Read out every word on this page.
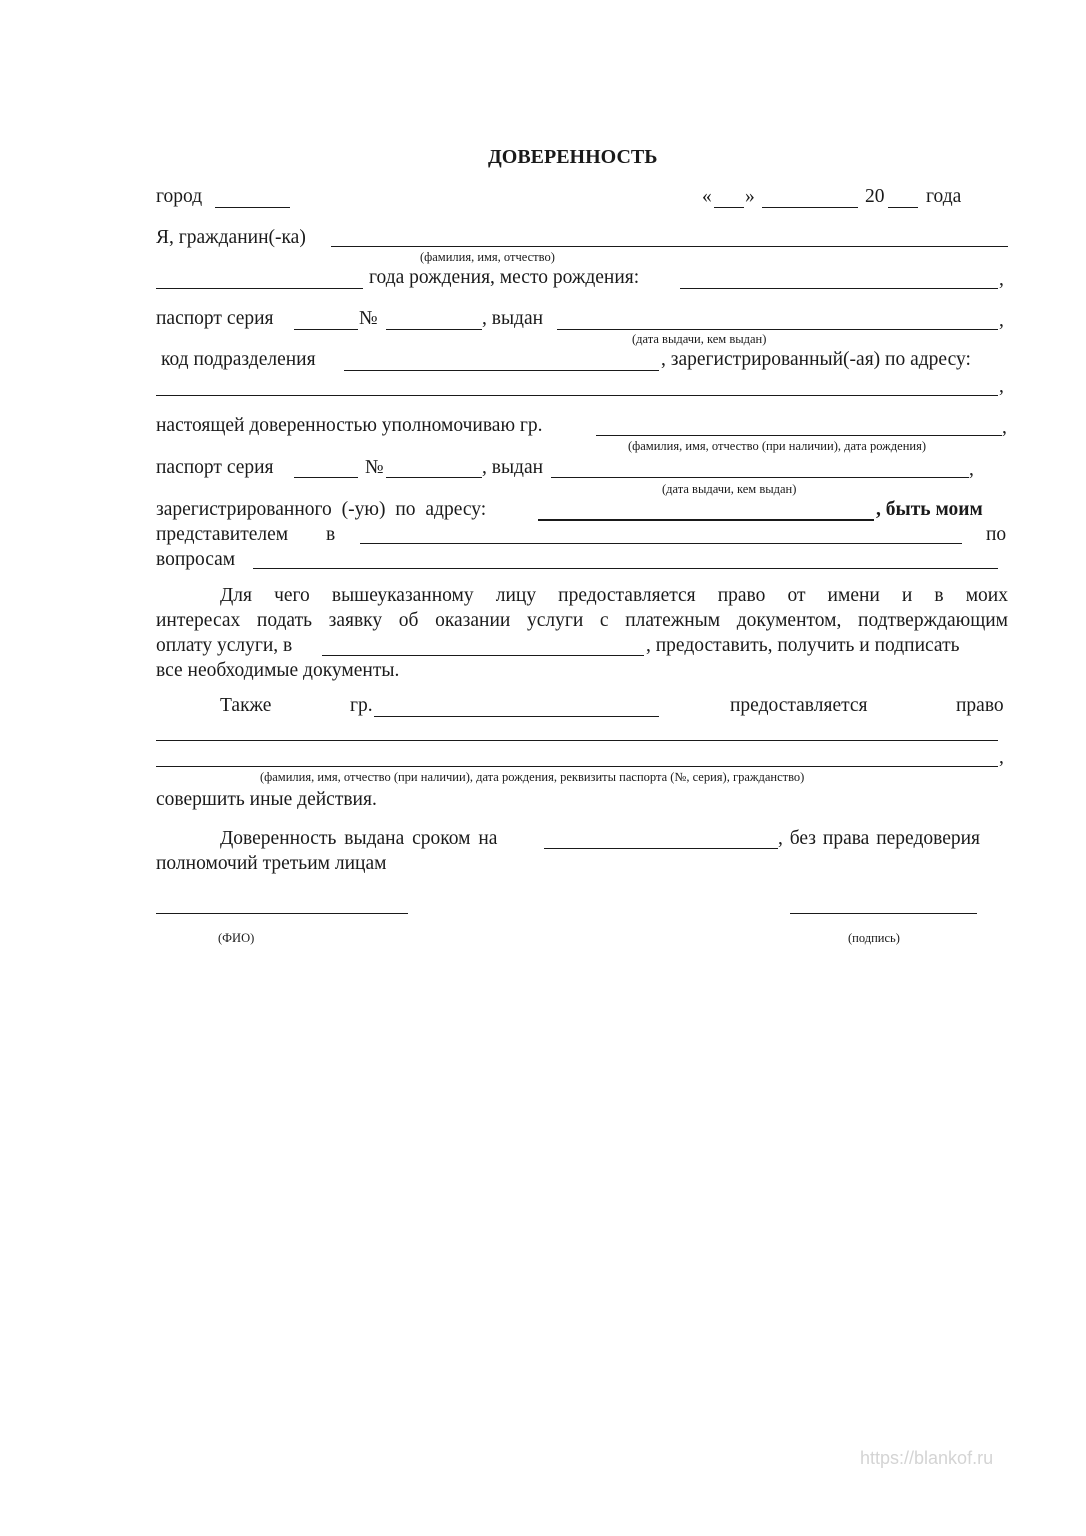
ДОВЕРЕННОСТЬ
город	« »	20 года
Я, гражданин(-ка)
(фамилия, имя, отчество)
года рождения, место рождения:	,
паспорт серия	№	, выдан	,
(дата выдачи, кем выдан)
код подразделения	, зарегистрированный(-ая) по адресу:
,
настоящей доверенностью уполномочиваю гр.	,
(фамилия, имя, отчество (при наличии), дата рождения)
паспорт серия	№	, выдан	,
(дата выдачи, кем выдан)
зарегистрированного (-ую) по адресу:	, быть моим
представителем в	по
вопросам
Для чего вышеуказанному лицу предоставляется право от имени и в моих
интересах подать заявку об оказании услуги с платежным документом, подтверждающим
оплату услуги, в	, предоставить, получить и подписать
все необходимые документы.
Также	гр.	предоставляется	право
,
(фамилия, имя, отчество (при наличии), дата рождения, реквизиты паспорта (№, серия), гражданство)
совершить иные действия.
Доверенность выдана сроком на	, без права передоверия
полномочий третьим лицам
(ФИО)	(подпись)
https://blankof.ru
